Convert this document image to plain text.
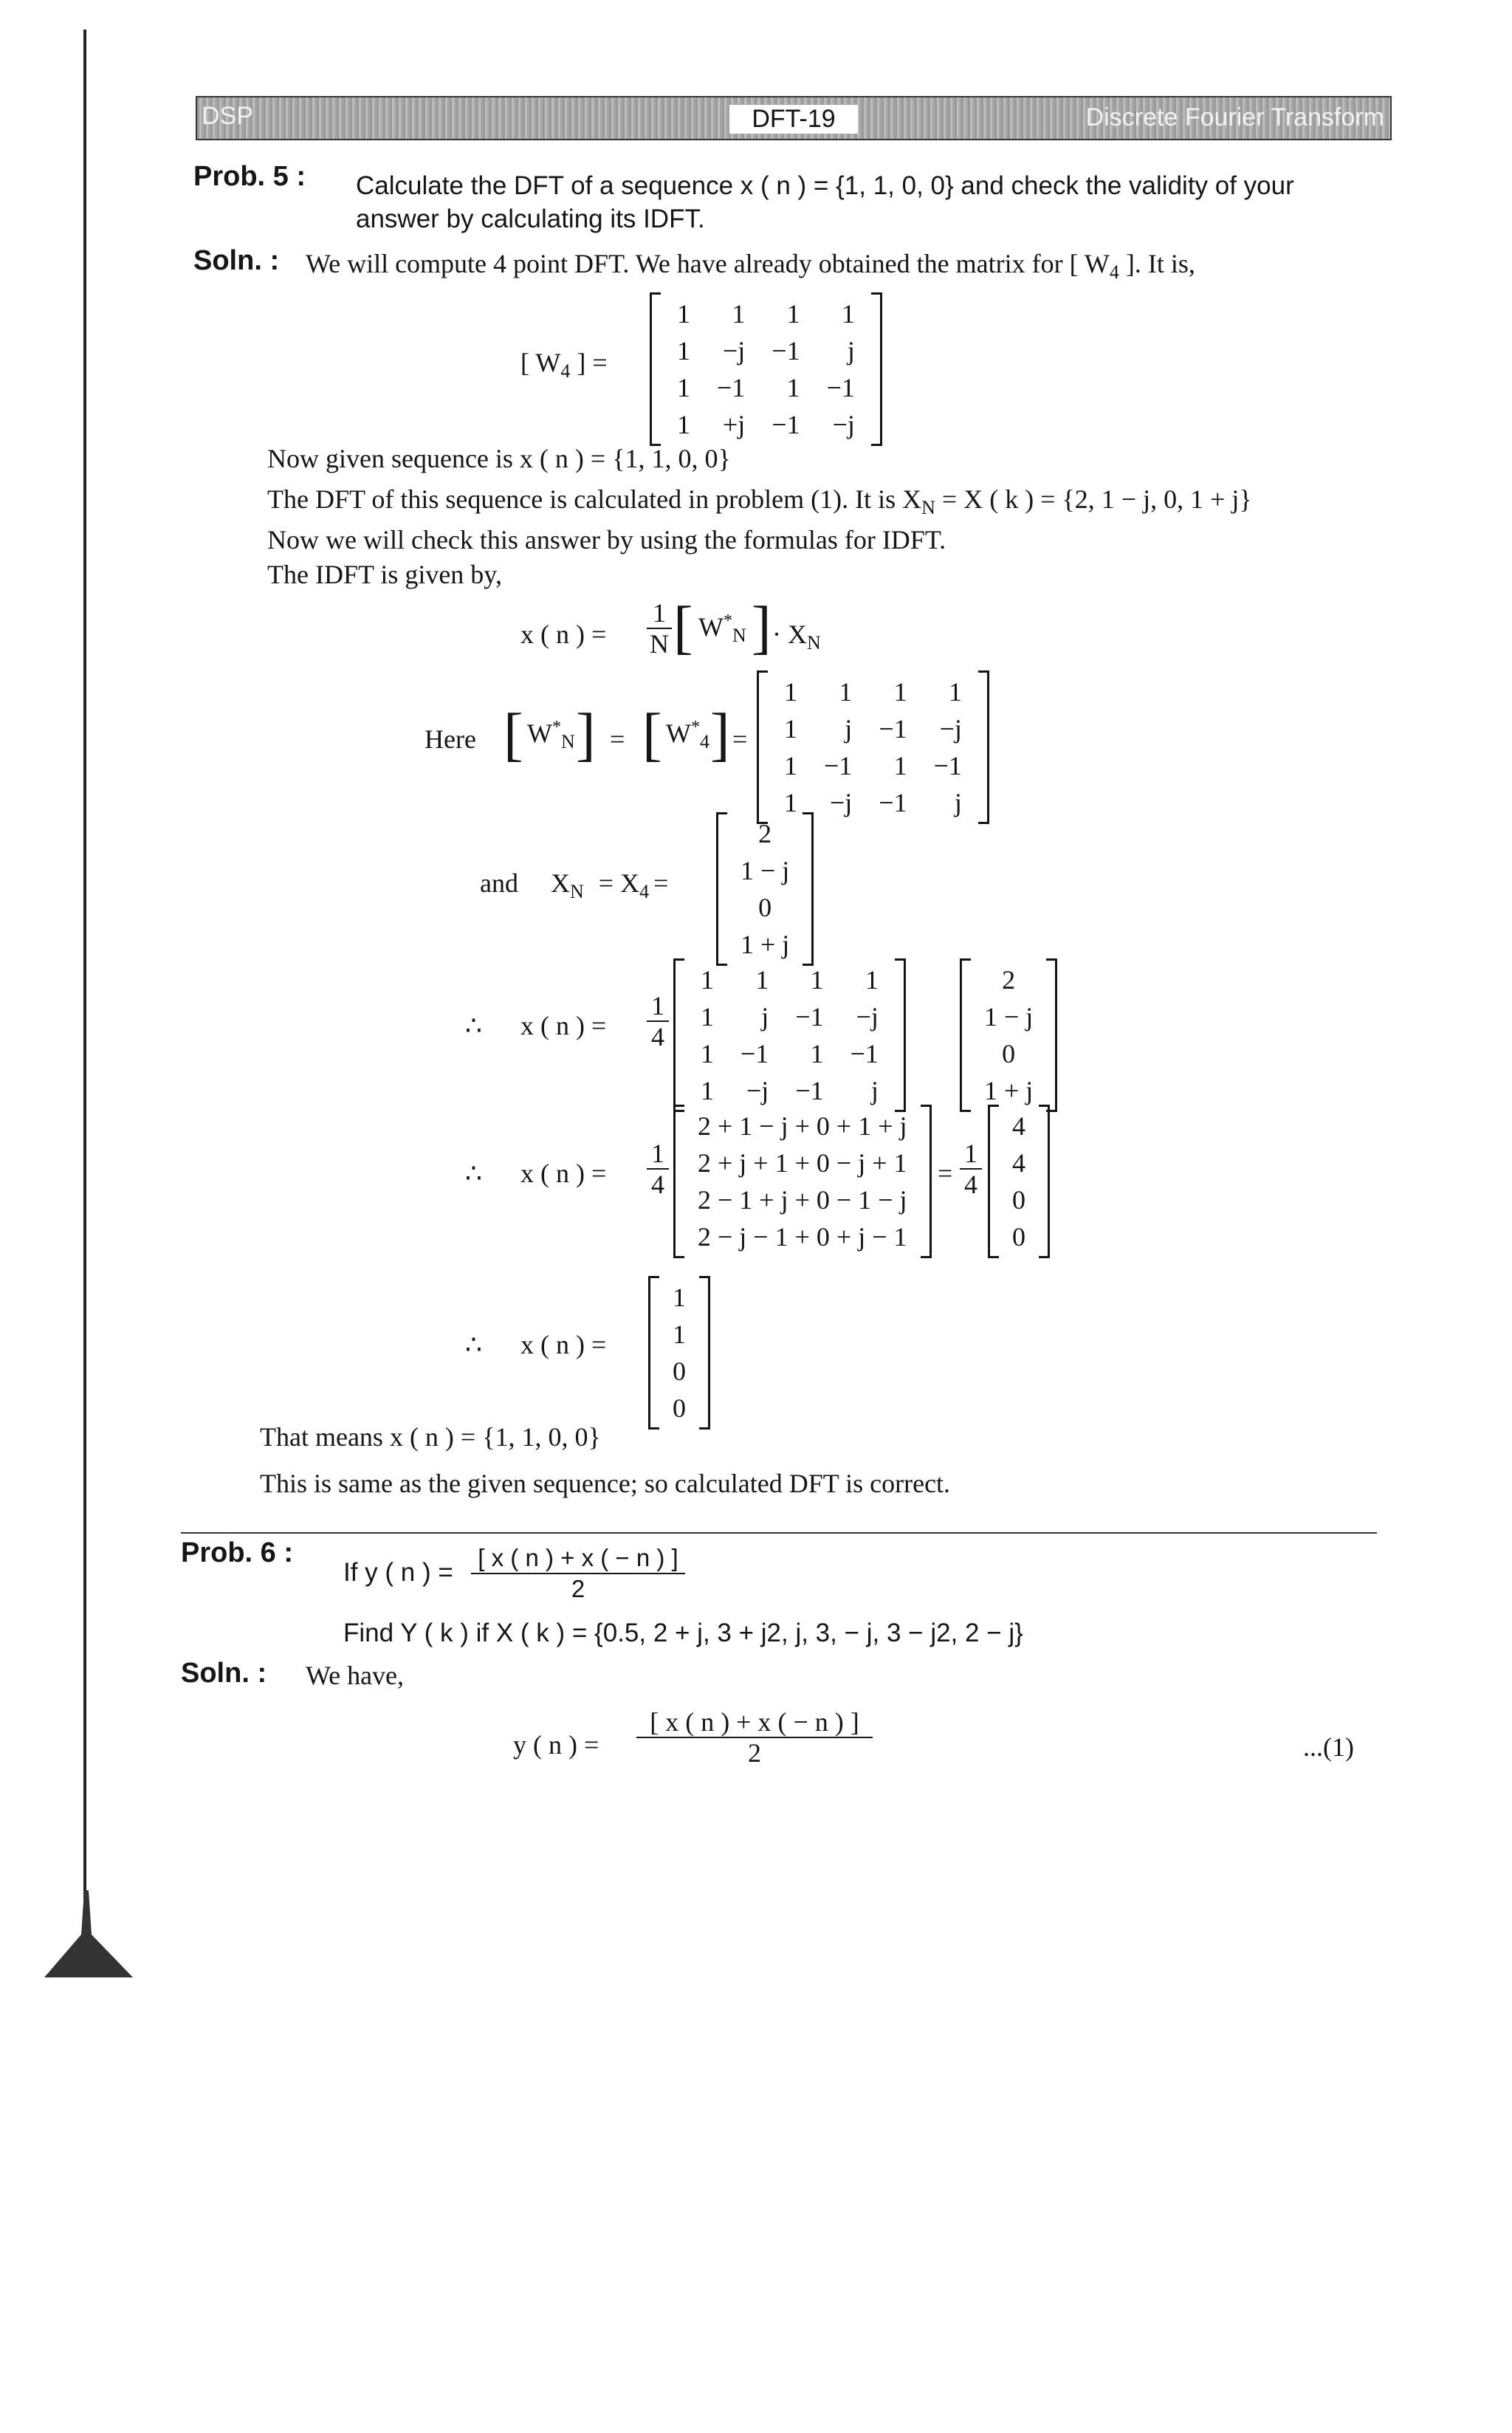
DSP	DFT-19	Discrete Fourier Transform
Prob. 5 : Calculate the DFT of a sequence x ( n ) = {1, 1, 0, 0} and check the validity of your
answer by calculating its IDFT.
Soln. : We will compute 4 point DFT. We have already obtained the matrix for [ $W_4$ ]. It is,
[ $W_4$ ] =
1	1	1	1
1	−j	−1	j
1	−1	1	−1
1	+j	−1	−j
Now given sequence is x ( n ) = {1, 1, 0, 0}
The DFT of this sequence is calculated in problem (1). It is $X_N = X$ ( k ) = {2, 1 − j, 0, 1 + j}
Now we will check this answer by using the formulas for IDFT.
The IDFT is given by,
x ( n ) = $\frac{1}{N}$ [ $W^*_N$ ] · $X_N$
Here [ $W^*_N$ ] = [ $W^*_4$ ] =
1	1	1	1
1	j	−1	−j
1	−1	1	−1
1	−j	−1	j
and $X_N = X_4$ =
2
1 − j
0
1 + j
∴ x ( n ) = $\frac{1}{4}$
1	1	1	1
1	j	−1	−j
1	−1	1	−1
1	−j	−1	j
2
1 − j
0
1 + j
∴ x ( n ) = $\frac{1}{4}$
2 + 1 − j + 0 + 1 + j
2 + j + 1 + 0 − j + 1
2 − 1 + j + 0 − 1 − j
2 − j − 1 + 0 + j − 1
= $\frac{1}{4}$
4
4
0
0
∴ x ( n ) =
1
1
0
0
That means x ( n ) = {1, 1, 0, 0}
This is same as the given sequence; so calculated DFT is correct.
Prob. 6 :
If y ( n ) = $\frac{[ x ( n ) + x ( - n ) ]}{2}$
Find Y ( k ) if X ( k ) = {0.5, 2 + j, 3 + j2, j, 3, − j, 3 − j2, 2 − j}
Soln. : We have,
y ( n ) = $\frac{[ x ( n ) + x ( - n ) ]}{2}$	...(1)
